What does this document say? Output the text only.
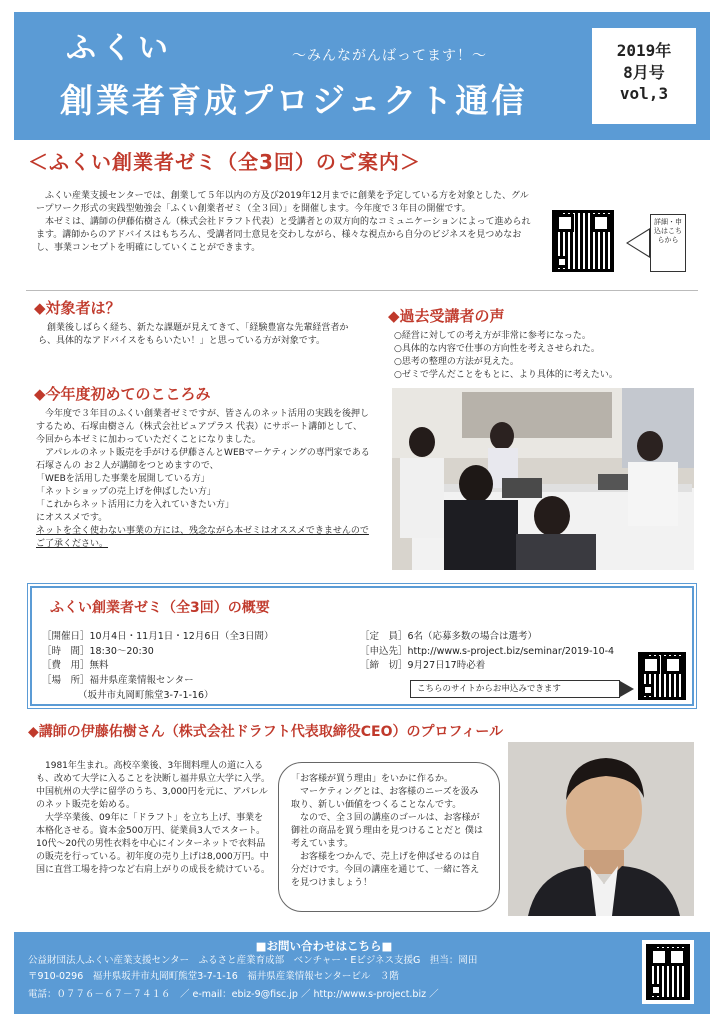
ふくい	〜みんながんばってます！〜
創業者育成プロジェクト通信
2019年
8月号
vol,3
＜ふくい創業者ゼミ（全3回）のご案内＞

　ふくい産業支援センターでは、創業して５年以内の方及び2019年12月までに創業を予定している方を対象とした、グループワーク形式の実践型勉強会「ふくい創業者ゼミ（全３回）」を開催します。今年度で３年目の開催です。

　本ゼミは、講師の伊藤佑樹さん（株式会社ドラフト代表）と受講者との双方向的なコミュニケーションによって進められます。講師からのアドバイスはもちろん、受講者同士意見を交わしながら、様々な視点から自分のビジネスを見つめなおし、事業コンセプトを明確にしていくことができます。

詳細・申込はこちらから
◆対象者は？
　創業後しばらく経ち、新たな課題が見えてきて、「経験豊富な先輩経営者から、具体的なアドバイスをもらいたい！」と思っている方が対象です。
◆過去受講者の声
○経営に対しての考え方が非常に参考になった。
○具体的な内容で仕事の方向性を考えさせられた。
○思考の整理の方法が見えた。
○ゼミで学んだことをもとに、より具体的に考えたい。
◆今年度初めてのこころみ

　今年度で３年目のふくい創業者ゼミですが、皆さんのネット活用の実践を後押しするため、石塚由樹さん（株式会社ピュアプラス 代表）にサポート講師として、今回から本ゼミに加わっていただくことになりました。

　アパレルのネット販売を手がける伊藤さんとWEBマーケティングの専門家である石塚さんの お２人が講師をつとめますので、

「WEBを活用した事業を展開している方」
「ネットショップの売上げを伸ばしたい方」
「これからネット活用に力を入れていきたい方」
にオススメです。
ネットを全く使わない事業の方には、残念ながら本ゼミはオススメできませんのでご了承ください。
ふくい創業者ゼミ（全3回）の概要
［開催日］10月4日・11月1日・12月6日（全3日間）
［時　間］18:30〜20:30
［費　用］無料
［場　所］福井県産業情報センター
（坂井市丸岡町熊堂3-7-1-16）
［定　員］6名（応募多数の場合は選考）
［申込先］http://www.s-project.biz/seminar/2019-10-4
［締　切］9月27日17時必着
こちらのサイトからお申込みできます
◆講師の伊藤佑樹さん（株式会社ドラフト代表取締役CEO）のプロフィール

　1981年生まれ。高校卒業後、3年間料理人の道に入るも、改めて大学に入ることを決断し福井県立大学に入学。中国杭州の大学に留学のうち、3,000円を元に、アパレルのネット販売を始める。

　大学卒業後、09年に「ドラフト」を立ち上げ、事業を本格化させる。資本金500万円、従業員3人でスタート。10代〜20代の男性衣料を中心にインターネットで衣料品の販売を行っている。初年度の売り上げは8,000万円。中国に直営工場を持つなど右肩上がりの成長を続けている。

「お客様が買う理由」をいかに作るか。
　マーケティングとは、お客様のニーズを汲み取り、新しい価値をつくることなんです。
　なので、全３回の講座のゴールは、お客様が御社の商品を買う理由を見つけることだと 僕は考えています。
　お客様をつかんで、売上げを伸ばせるのは自分だけです。今回の講座を通じて、一緒に答えを見つけましょう！
■お問い合わせはこちら■
公益財団法人ふくい産業支援センター　ふるさと産業育成部　ベンチャー・Eビジネス支援G　担当：岡田
〒910-0296　福井県坂井市丸岡町熊堂3-7-1-16　福井県産業情報センタービル　３階
電話：０７７６－６７－７４１６　／ e-mail：ebiz-9@fisc.jp ／ http://www.s-project.biz ／
